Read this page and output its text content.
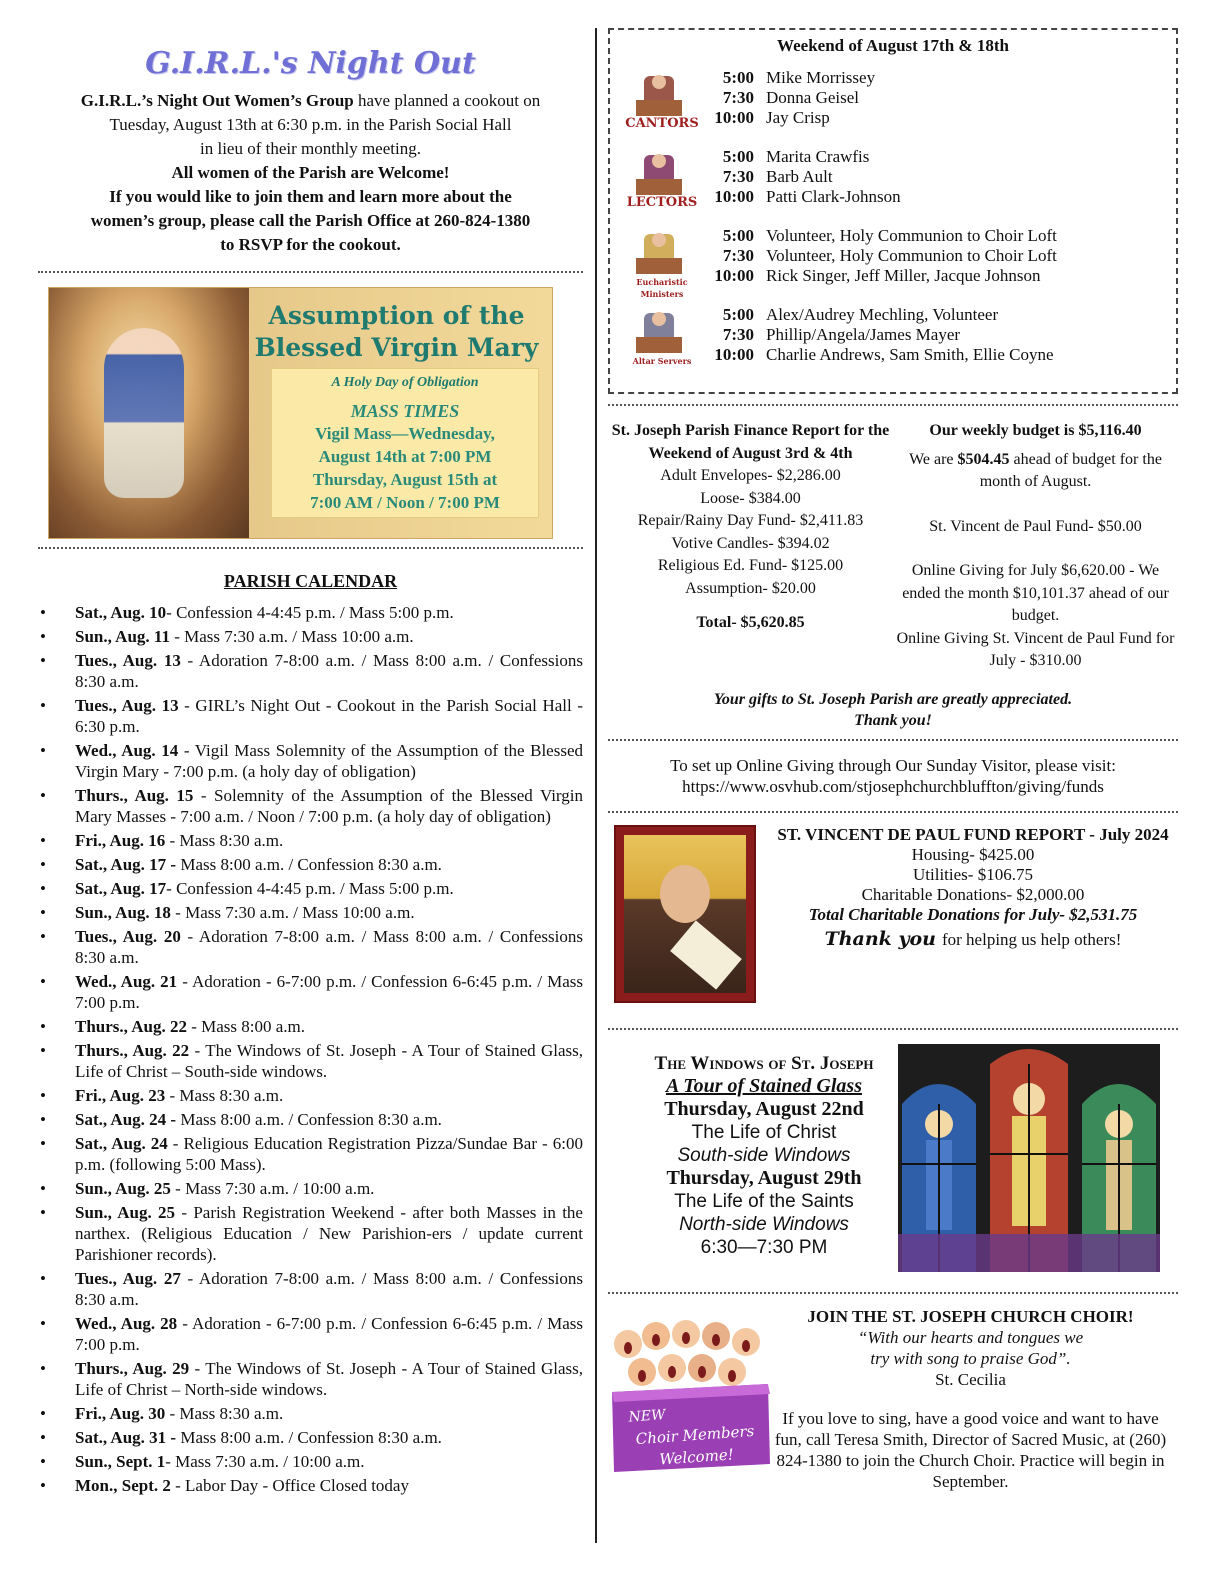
G.I.R.L.'s Night Out
G.I.R.L.’s Night Out Women’s Group have planned a cookout on
Tuesday, August 13th at 6:30 p.m. in the Parish Social Hall
in lieu of their monthly meeting.
All women of the Parish are Welcome!
If you would like to join them and learn more about the
women’s group, please call the Parish Office at 260-824-1380
to RSVP for the cookout.
Assumption of the
Blessed Virgin Mary
A Holy Day of Obligation
MASS TIMES
Vigil Mass—Wednesday,
August 14th at 7:00 PM
Thursday, August 15th at
7:00 AM / Noon / 7:00 PM
PARISH CALENDAR
• Sat., Aug. 10- Confession 4-4:45 p.m. / Mass 5:00 p.m.
• Sun., Aug. 11 - Mass 7:30 a.m. / Mass 10:00 a.m.
• Tues., Aug. 13 - Adoration 7-8:00 a.m. / Mass 8:00 a.m. / Confessions 8:30 a.m.
• Tues., Aug. 13 - GIRL’s Night Out - Cookout in the Parish Social Hall - 6:30 p.m.
• Wed., Aug. 14 - Vigil Mass Solemnity of the Assumption of the Blessed Virgin Mary - 7:00 p.m. (a holy day of obligation)
• Thurs., Aug. 15 - Solemnity of the Assumption of the Blessed Virgin Mary Masses - 7:00 a.m. / Noon / 7:00 p.m. (a holy day of obligation)
• Fri., Aug. 16 - Mass 8:30 a.m.
• Sat., Aug. 17 - Mass 8:00 a.m. / Confession 8:30 a.m.
• Sat., Aug. 17- Confession 4-4:45 p.m. / Mass 5:00 p.m.
• Sun., Aug. 18 - Mass 7:30 a.m. / Mass 10:00 a.m.
• Tues., Aug. 20 - Adoration 7-8:00 a.m. / Mass 8:00 a.m. / Confessions 8:30 a.m.
• Wed., Aug. 21 - Adoration - 6-7:00 p.m. / Confession 6-6:45 p.m. / Mass 7:00 p.m.
• Thurs., Aug. 22 - Mass 8:00 a.m.
• Thurs., Aug. 22 - The Windows of St. Joseph - A Tour of Stained Glass, Life of Christ – South-side windows.
• Fri., Aug. 23 - Mass 8:30 a.m.
• Sat., Aug. 24 - Mass 8:00 a.m. / Confession 8:30 a.m.
• Sat., Aug. 24 - Religious Education Registration Pizza/Sundae Bar - 6:00 p.m. (following 5:00 Mass).
• Sun., Aug. 25 - Mass 7:30 a.m. / 10:00 a.m.
• Sun., Aug. 25 - Parish Registration Weekend - after both Masses in the narthex. (Religious Education / New Parishion-ers / update current Parishioner records).
• Tues., Aug. 27 - Adoration 7-8:00 a.m. / Mass 8:00 a.m. / Confessions 8:30 a.m.
• Wed., Aug. 28 - Adoration - 6-7:00 p.m. / Confession 6-6:45 p.m. / Mass 7:00 p.m.
• Thurs., Aug. 29 - The Windows of St. Joseph - A Tour of Stained Glass, Life of Christ – North-side windows.
• Fri., Aug. 30 - Mass 8:30 a.m.
• Sat., Aug. 31 - Mass 8:00 a.m. / Confession 8:30 a.m.
• Sun., Sept. 1- Mass 7:30 a.m. / 10:00 a.m.
• Mon., Sept. 2 - Labor Day - Office Closed today
Weekend of August 17th & 18th
CANTORS
5:00 Mike Morrissey
7:30 Donna Geisel
10:00 Jay Crisp
LECTORS
5:00 Marita Crawfis
7:30 Barb Ault
10:00 Patti Clark-Johnson
Eucharistic Ministers
5:00 Volunteer, Holy Communion to Choir Loft
7:30 Volunteer, Holy Communion to Choir Loft
10:00 Rick Singer, Jeff Miller, Jacque Johnson
Altar Servers
5:00 Alex/Audrey Mechling, Volunteer
7:30 Phillip/Angela/James Mayer
10:00 Charlie Andrews, Sam Smith, Ellie Coyne
St. Joseph Parish Finance Report for the Weekend of August 3rd & 4th
Adult Envelopes- $2,286.00
Loose- $384.00
Repair/Rainy Day Fund- $2,411.83
Votive Candles- $394.02
Religious Ed. Fund- $125.00
Assumption- $20.00
Total- $5,620.85
Our weekly budget is $5,116.40
We are $504.45 ahead of budget for the month of August.
St. Vincent de Paul Fund- $50.00
Online Giving for July $6,620.00 - We ended the month $10,101.37 ahead of our budget.
Online Giving St. Vincent de Paul Fund for July - $310.00
Your gifts to St. Joseph Parish are greatly appreciated.
Thank you!
To set up Online Giving through Our Sunday Visitor, please visit:
https://www.osvhub.com/stjosephchurchbluffton/giving/funds
ST. VINCENT DE PAUL FUND REPORT - July 2024
Housing- $425.00
Utilities- $106.75
Charitable Donations- $2,000.00
Total Charitable Donations for July- $2,531.75
Thank you for helping us help others!
The Windows of St. Joseph
A Tour of Stained Glass
Thursday, August 22nd
The Life of Christ
South-side Windows
Thursday, August 29th
The Life of the Saints
North-side Windows
6:30—7:30 PM
NEW
Choir Members
Welcome!
JOIN THE ST. JOSEPH CHURCH CHOIR!
“With our hearts and tongues we
try with song to praise God”.
St. Cecilia
If you love to sing, have a good voice and want to have fun, call Teresa Smith, Director of Sacred Music, at (260) 824-1380 to join the Church Choir. Practice will begin in September.
